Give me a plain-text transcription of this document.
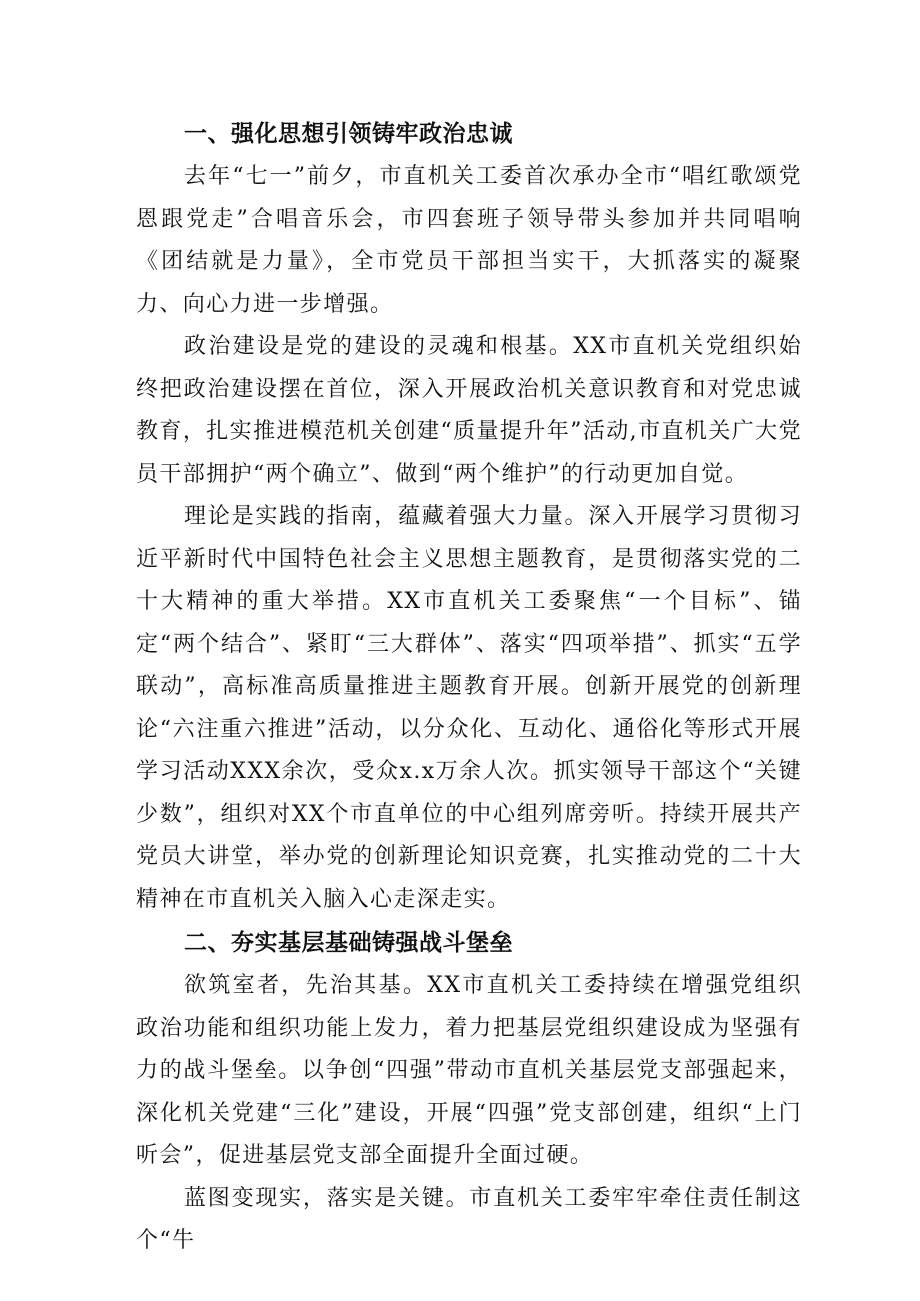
一、强化思想引领铸牢政治忠诚

去年“七一”前夕，市直机关工委首次承办全市“唱红歌颂党恩跟党走”合唱音乐会，市四套班子领导带头参加并共同唱响《团结就是力量》，全市党员干部担当实干，大抓落实的凝聚力、向心力进一步增强。

政治建设是党的建设的灵魂和根基。XX市直机关党组织始终把政治建设摆在首位，深入开展政治机关意识教育和对党忠诚教育，扎实推进模范机关创建“质量提升年”活动,市直机关广大党员干部拥护“两个确立”、做到“两个维护”的行动更加自觉。

理论是实践的指南，蕴藏着强大力量。深入开展学习贯彻习近平新时代中国特色社会主义思想主题教育，是贯彻落实党的二十大精神的重大举措。XX市直机关工委聚焦“一个目标”、锚定“两个结合”、紧盯“三大群体”、落实“四项举措”、抓实“五学联动”，高标准高质量推进主题教育开展。创新开展党的创新理论“六注重六推进”活动，以分众化、互动化、通俗化等形式开展学习活动XXX余次，受众x.x万余人次。抓实领导干部这个“关键少数”，组织对XX个市直单位的中心组列席旁听。持续开展共产党员大讲堂，举办党的创新理论知识竞赛，扎实推动党的二十大精神在市直机关入脑入心走深走实。

二、夯实基层基础铸强战斗堡垒

欲筑室者，先治其基。XX市直机关工委持续在增强党组织政治功能和组织功能上发力，着力把基层党组织建设成为坚强有力的战斗堡垒。以争创“四强”带动市直机关基层党支部强起来，深化机关党建“三化”建设，开展“四强”党支部创建，组织“上门听会”，促进基层党支部全面提升全面过硬。

蓝图变现实，落实是关键。市直机关工委牢牢牵住责任制这个“牛
